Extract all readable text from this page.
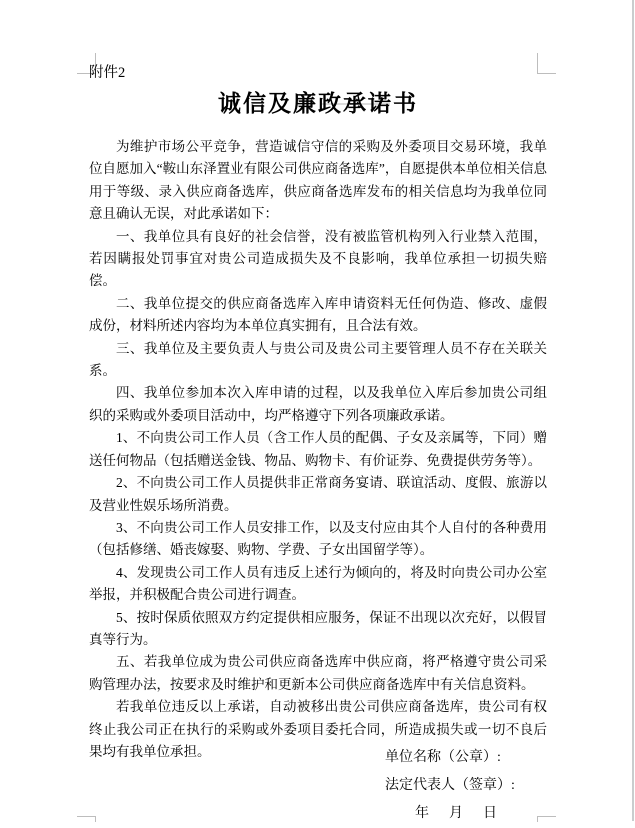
附件2
诚信及廉政承诺书

为维护市场公平竞争，营造诚信守信的采购及外委项目交易环境，我单位自愿加入“鞍山东泽置业有限公司供应商备选库”，自愿提供本单位相关信息用于等级、录入供应商备选库，供应商备选库发布的相关信息均为我单位同意且确认无误，对此承诺如下：

一、我单位具有良好的社会信誉，没有被监管机构列入行业禁入范围，若因瞒报处罚事宜对贵公司造成损失及不良影响，我单位承担一切损失赔偿。

二、我单位提交的供应商备选库入库申请资料无任何伪造、修改、虚假成份，材料所述内容均为本单位真实拥有，且合法有效。

三、我单位及主要负责人与贵公司及贵公司主要管理人员不存在关联关系。

四、我单位参加本次入库申请的过程，以及我单位入库后参加贵公司组织的采购或外委项目活动中，均严格遵守下列各项廉政承诺。

1、不向贵公司工作人员（含工作人员的配偶、子女及亲属等，下同）赠送任何物品（包括赠送金钱、物品、购物卡、有价证券、免费提供劳务等）。

2、不向贵公司工作人员提供非正常商务宴请、联谊活动、度假、旅游以及营业性娱乐场所消费。

3、不向贵公司工作人员安排工作，以及支付应由其个人自付的各种费用（包括修缮、婚丧嫁娶、购物、学费、子女出国留学等）。

4、发现贵公司工作人员有违反上述行为倾向的，将及时向贵公司办公室举报，并积极配合贵公司进行调查。

5、按时保质依照双方约定提供相应服务，保证不出现以次充好，以假冒真等行为。

五、若我单位成为贵公司供应商备选库中供应商，将严格遵守贵公司采购管理办法，按要求及时维护和更新本公司供应商备选库中有关信息资料。

若我单位违反以上承诺，自动被移出贵公司供应商备选库，贵公司有权终止我公司正在执行的采购或外委项目委托合同，所造成损失或一切不良后果均有我单位承担。	单位名称（公章）:
法定代表人（签章）:
年　月　日
